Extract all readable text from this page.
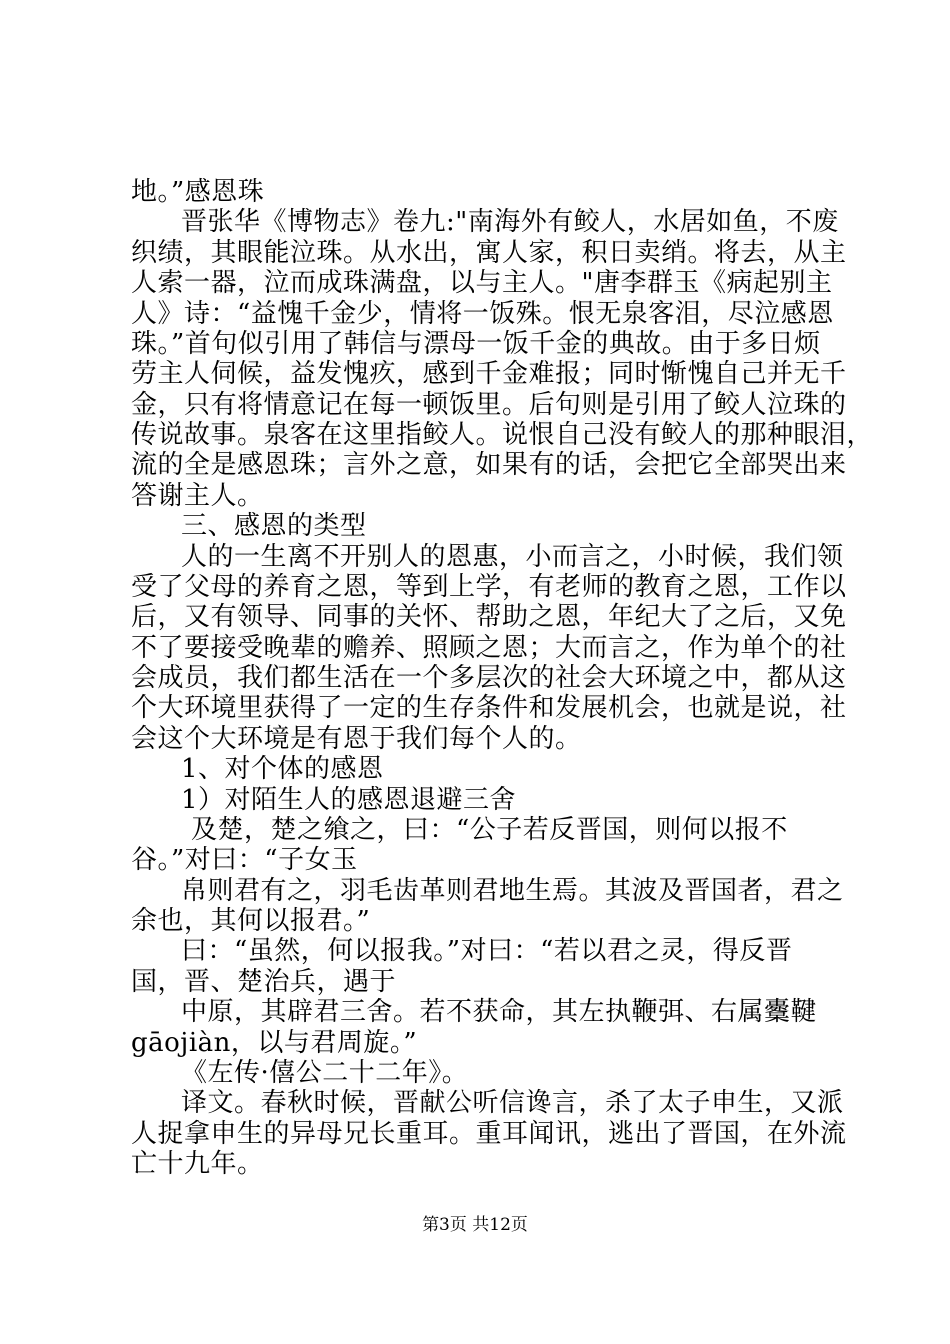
地。”感恩珠
晋张华《博物志》卷九:"南海外有鲛人，水居如鱼，不废
织绩，其眼能泣珠。从水出，寓人家，积日卖绡。将去，从主
人索一器，泣而成珠满盘，以与主人。"唐李群玉《病起别主
人》诗：“益愧千金少，情将一饭殊。恨无泉客泪，尽泣感恩
珠。”首句似引用了韩信与漂母一饭千金的典故。由于多日烦
劳主人伺候，益发愧疚，感到千金难报；同时惭愧自己并无千
金，只有将情意记在每一顿饭里。后句则是引用了鲛人泣珠的
传说故事。泉客在这里指鲛人。说恨自己没有鲛人的那种眼泪，
流的全是感恩珠；言外之意，如果有的话，会把它全部哭出来
答谢主人。
三、感恩的类型
人的一生离不开别人的恩惠，小而言之，小时候，我们领
受了父母的养育之恩，等到上学，有老师的教育之恩，工作以
后，又有领导、同事的关怀、帮助之恩，年纪大了之后，又免
不了要接受晚辈的赡养、照顾之恩；大而言之，作为单个的社
会成员，我们都生活在一个多层次的社会大环境之中，都从这
个大环境里获得了一定的生存条件和发展机会，也就是说，社
会这个大环境是有恩于我们每个人的。
1、对个体的感恩
1）对陌生人的感恩退避三舍
及楚，楚之飨之，曰：“公子若反晋国，则何以报不
谷。”对曰：“子女玉
帛则君有之，羽毛齿革则君地生焉。其波及晋国者，君之
余也，其何以报君。”
曰：“虽然，何以报我。”对曰：“若以君之灵，得反晋
国，晋、楚治兵，遇于
中原，其辟君三舍。若不获命，其左执鞭弭、右属櫜鞬
gāojiàn，以与君周旋。”
《左传·僖公二十二年》。
译文。春秋时候，晋献公听信谗言，杀了太子申生，又派
人捉拿申生的异母兄长重耳。重耳闻讯，逃出了晋国，在外流
亡十九年。
第3页 共12页
